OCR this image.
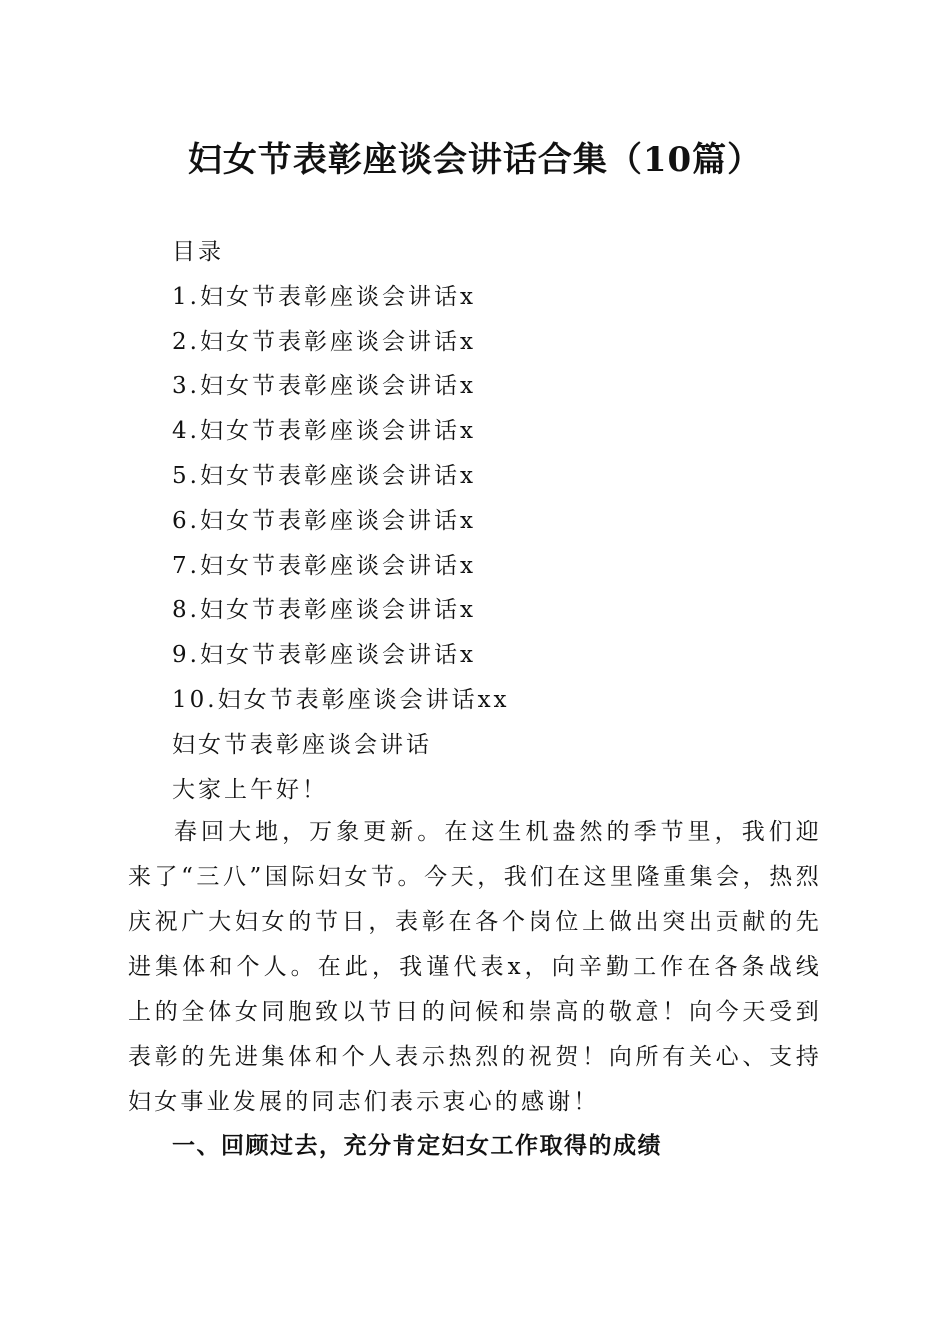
妇女节表彰座谈会讲话合集（10篇）
目录
1.妇女节表彰座谈会讲话x
2.妇女节表彰座谈会讲话x
3.妇女节表彰座谈会讲话x
4.妇女节表彰座谈会讲话x
5.妇女节表彰座谈会讲话x
6.妇女节表彰座谈会讲话x
7.妇女节表彰座谈会讲话x
8.妇女节表彰座谈会讲话x
9.妇女节表彰座谈会讲话x
10.妇女节表彰座谈会讲话xx
妇女节表彰座谈会讲话
大家上午好！

春回大地，万象更新。在这生机盎然的季节里，我们迎来了“三八”国际妇女节。今天，我们在这里隆重集会，热烈庆祝广大妇女的节日，表彰在各个岗位上做出突出贡献的先进集体和个人。在此，我谨代表x，向辛勤工作在各条战线上的全体女同胞致以节日的问候和崇高的敬意！向今天受到表彰的先进集体和个人表示热烈的祝贺！向所有关心、支持妇女事业发展的同志们表示衷心的感谢！

一、回顾过去，充分肯定妇女工作取得的成绩
